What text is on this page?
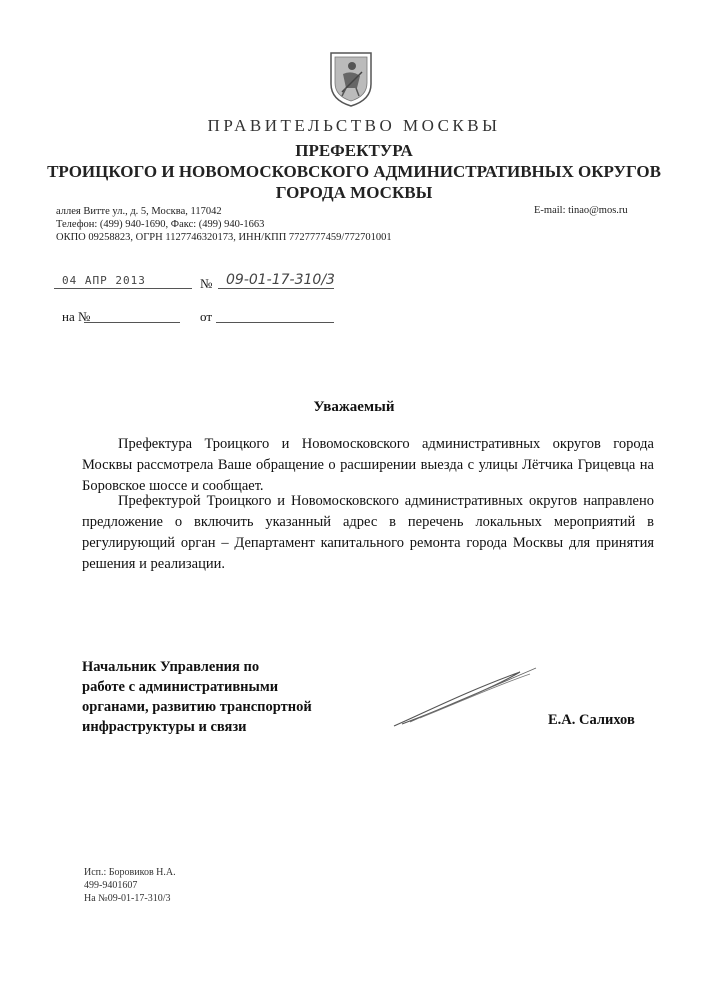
ПРАВИТЕЛЬСТВО МОСКВЫ
ПРЕФЕКТУРА
ТРОИЦКОГО И НОВОМОСКОВСКОГО АДМИНИСТРАТИВНЫХ ОКРУГОВ
ГОРОДА МОСКВЫ
аллея Витте ул., д. 5, Москва, 117042
Телефон: (499) 940-1690, Факс: (499) 940-1663
ОКПО 09258823, ОГРН 1127746320173, ИНН/КПП 7727777459/772701001
E-mail: tinao@mos.ru
04 АПР 2013	№ 09-01-17-310/3
на №	от
Уважаемый

Префектура Троицкого и Новомосковского административных округов города Москвы рассмотрела Ваше обращение о расширении выезда с улицы Лётчика Грицевца на Боровское шоссе и сообщает.

Префектурой Троицкого и Новомосковского административных округов направлено предложение о включить указанный адрес в перечень локальных мероприятий в регулирующий орган – Департамент капитального ремонта города Москвы для принятия решения и реализации.

Начальник Управления по
работе с административными
органами, развитию транспортной
инфраструктуры и связи	Е.А. Салихов
Исп.: Боровиков Н.А.
499-9401607
На №09-01-17-310/3
